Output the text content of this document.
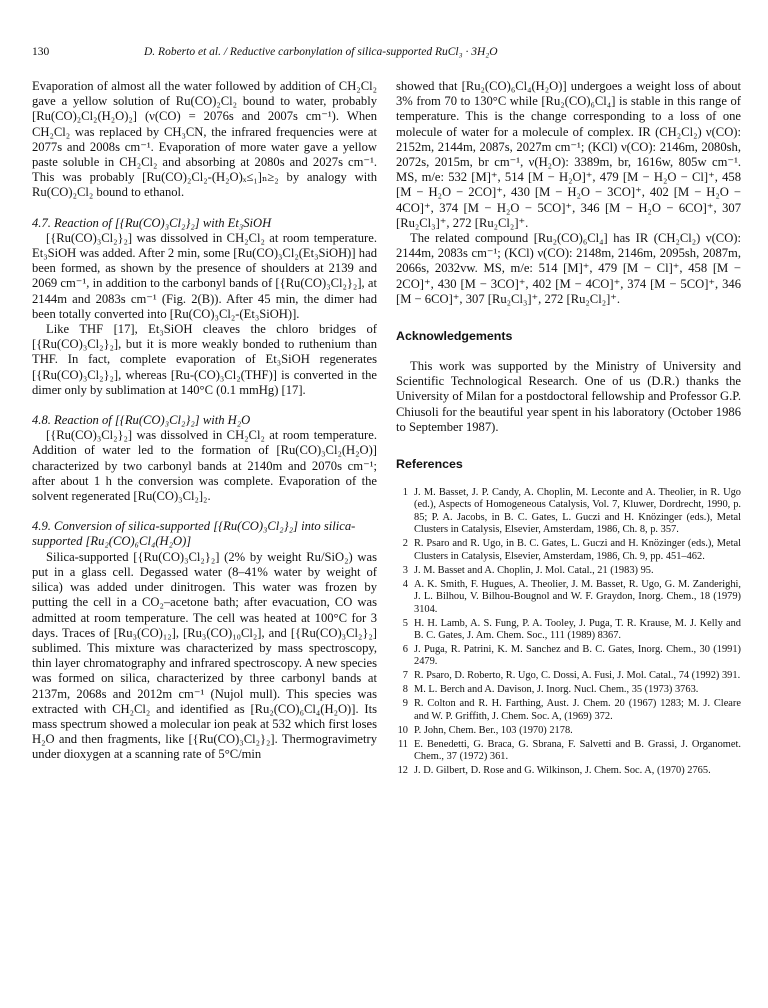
130	D. Roberto et al. / Reductive carbonylation of silica-supported RuCl₃ · 3H₂O

Evaporation of almost all the water followed by addition of CH₂Cl₂ gave a yellow solution of Ru(CO)₂Cl₂ bound to water, probably [Ru(CO)₂Cl₂(H₂O)₂] (ν(CO) = 2076s and 2007s cm⁻¹). When CH₂Cl₂ was replaced by CH₃CN, the infrared frequencies were at 2077s and 2008s cm⁻¹. Evaporation of more water gave a yellow paste soluble in CH₂Cl₂ and absorbing at 2080s and 2027s cm⁻¹. This was probably [Ru(CO)₂Cl₂-(H₂O)ₓ≤₁]ₙ≥₂ by analogy with Ru(CO)₂Cl₂ bound to ethanol.

4.7. Reaction of [{Ru(CO)₃Cl₂}₂] with Et₃SiOH

[{Ru(CO)₃Cl₂}₂] was dissolved in CH₂Cl₂ at room temperature. Et₃SiOH was added. After 2 min, some [Ru(CO)₃Cl₂(Et₃SiOH)] had been formed, as shown by the presence of shoulders at 2139 and 2069 cm⁻¹, in addition to the carbonyl bands of [{Ru(CO)₃Cl₂}₂], at 2144m and 2083s cm⁻¹ (Fig. 2(B)). After 45 min, the dimer had been totally converted into [Ru(CO)₃Cl₂-(Et₃SiOH)].

Like THF [17], Et₃SiOH cleaves the chloro bridges of [{Ru(CO)₃Cl₂}₂], but it is more weakly bonded to ruthenium than THF. In fact, complete evaporation of Et₃SiOH regenerates [{Ru(CO)₃Cl₂}₂], whereas [Ru-(CO)₃Cl₂(THF)] is converted in the dimer only by sublimation at 140°C (0.1 mmHg) [17].

4.8. Reaction of [{Ru(CO)₃Cl₂}₂] with H₂O

[{Ru(CO)₃Cl₂}₂] was dissolved in CH₂Cl₂ at room temperature. Addition of water led to the formation of [Ru(CO)₃Cl₂(H₂O)] characterized by two carbonyl bands at 2140m and 2070s cm⁻¹; after about 1 h the conversion was complete. Evaporation of the solvent regenerated [Ru(CO)₃Cl₂]₂.

4.9. Conversion of silica-supported [{Ru(CO)₃Cl₂}₂] into silica-supported [Ru₂(CO)₆Cl₄(H₂O)]

Silica-supported [{Ru(CO)₃Cl₂}₂] (2% by weight Ru/SiO₂) was put in a glass cell. Degassed water (8–41% water by weight of silica) was added under dinitrogen. This water was frozen by putting the cell in a CO₂–acetone bath; after evacuation, CO was admitted at room temperature. The cell was heated at 100°C for 3 days. Traces of [Ru₃(CO)₁₂], [Ru₃(CO)₁₀Cl₂], and [{Ru(CO)₃Cl₂}₂] sublimed. This mixture was characterized by mass spectroscopy, thin layer chromatography and infrared spectroscopy. A new species was formed on silica, characterized by three carbonyl bands at 2137m, 2068s and 2012m cm⁻¹ (Nujol mull). This species was extracted with CH₂Cl₂ and identified as [Ru₂(CO)₆Cl₄(H₂O)]. Its mass spectrum showed a molecular ion peak at 532 which first loses H₂O and then fragments, like [{Ru(CO)₃Cl₂}₂]. Thermogravimetry under dioxygen at a scanning rate of 5°C/min

showed that [Ru₂(CO)₆Cl₄(H₂O)] undergoes a weight loss of about 3% from 70 to 130°C while [Ru₂(CO)₆Cl₄] is stable in this range of temperature. This is the change corresponding to a loss of one molecule of water for a molecule of complex. IR (CH₂Cl₂) ν(CO): 2152m, 2144m, 2087s, 2027m cm⁻¹; (KCl) ν(CO): 2146m, 2080sh, 2072s, 2015m, br cm⁻¹, ν(H₂O): 3389m, br, 1616w, 805w cm⁻¹. MS, m/e: 532 [M]⁺, 514 [M − H₂O]⁺, 479 [M − H₂O − Cl]⁺, 458 [M − H₂O − 2CO]⁺, 430 [M − H₂O − 3CO]⁺, 402 [M − H₂O − 4CO]⁺, 374 [M − H₂O − 5CO]⁺, 346 [M − H₂O − 6CO]⁺, 307 [Ru₂Cl₃]⁺, 272 [Ru₂Cl₂]⁺.

The related compound [Ru₂(CO)₆Cl₄] has IR (CH₂Cl₂) ν(CO): 2144m, 2083s cm⁻¹; (KCl) ν(CO): 2148m, 2146m, 2095sh, 2087m, 2066s, 2032vw. MS, m/e: 514 [M]⁺, 479 [M − Cl]⁺, 458 [M − 2CO]⁺, 430 [M − 3CO]⁺, 402 [M − 4CO]⁺, 374 [M − 5CO]⁺, 346 [M − 6CO]⁺, 307 [Ru₂Cl₃]⁺, 272 [Ru₂Cl₂]⁺.

Acknowledgements

This work was supported by the Ministry of University and Scientific Technological Research. One of us (D.R.) thanks the University of Milan for a postdoctoral fellowship and Professor G.P. Chiusoli for the beautiful year spent in his laboratory (October 1986 to September 1987).

References
1 J. M. Basset, J. P. Candy, A. Choplin, M. Leconte and A. Theolier, in R. Ugo (ed.), Aspects of Homogeneous Catalysis, Vol. 7, Kluwer, Dordrecht, 1990, p. 85; P. A. Jacobs, in B. C. Gates, L. Guczi and H. Knözinger (eds.), Metal Clusters in Catalysis, Elsevier, Amsterdam, 1986, Ch. 8, p. 357.
2 R. Psaro and R. Ugo, in B. C. Gates, L. Guczi and H. Knözinger (eds.), Metal Clusters in Catalysis, Elsevier, Amsterdam, 1986, Ch. 9, pp. 451–462.
3 J. M. Basset and A. Choplin, J. Mol. Catal., 21 (1983) 95.
4 A. K. Smith, F. Hugues, A. Theolier, J. M. Basset, R. Ugo, G. M. Zanderighi, J. L. Bilhou, V. Bilhou-Bougnol and W. F. Graydon, Inorg. Chem., 18 (1979) 3104.
5 H. H. Lamb, A. S. Fung, P. A. Tooley, J. Puga, T. R. Krause, M. J. Kelly and B. C. Gates, J. Am. Chem. Soc., 111 (1989) 8367.
6 J. Puga, R. Patrini, K. M. Sanchez and B. C. Gates, Inorg. Chem., 30 (1991) 2479.
7 R. Psaro, D. Roberto, R. Ugo, C. Dossi, A. Fusi, J. Mol. Catal., 74 (1992) 391.
8 M. L. Berch and A. Davison, J. Inorg. Nucl. Chem., 35 (1973) 3763.
9 R. Colton and R. H. Farthing, Aust. J. Chem. 20 (1967) 1283; M. J. Cleare and W. P. Griffith, J. Chem. Soc. A, (1969) 372.
10 P. John, Chem. Ber., 103 (1970) 2178.
11 E. Benedetti, G. Braca, G. Sbrana, F. Salvetti and B. Grassi, J. Organomet. Chem., 37 (1972) 361.
12 J. D. Gilbert, D. Rose and G. Wilkinson, J. Chem. Soc. A, (1970) 2765.
